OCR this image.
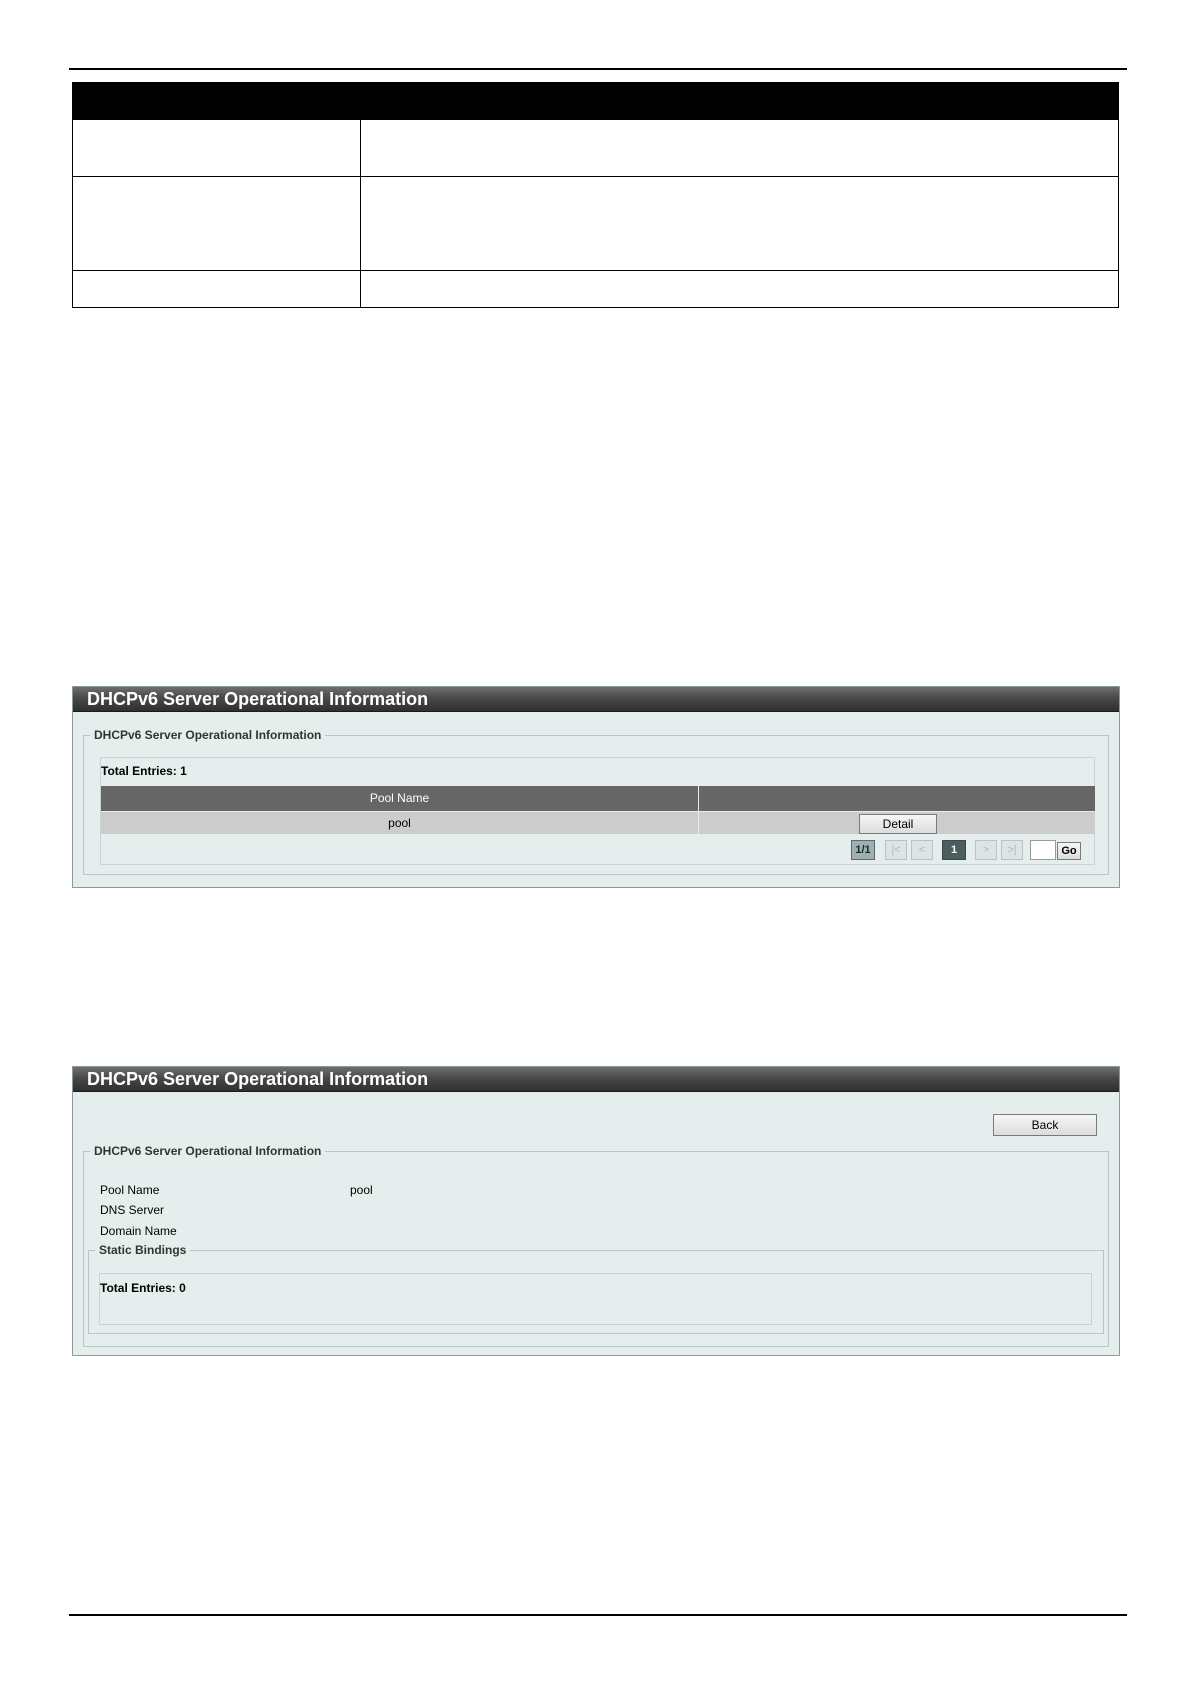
DHCPv6 Server Operational Information
DHCPv6 Server Operational Information
Total Entries: 1
Pool Name
pool	Detail
1/1	|<	<	1	>	>|	Go
DHCPv6 Server Operational Information
Back
DHCPv6 Server Operational Information
Pool Name	pool
DNS Server
Domain Name
Static Bindings
Total Entries: 0
